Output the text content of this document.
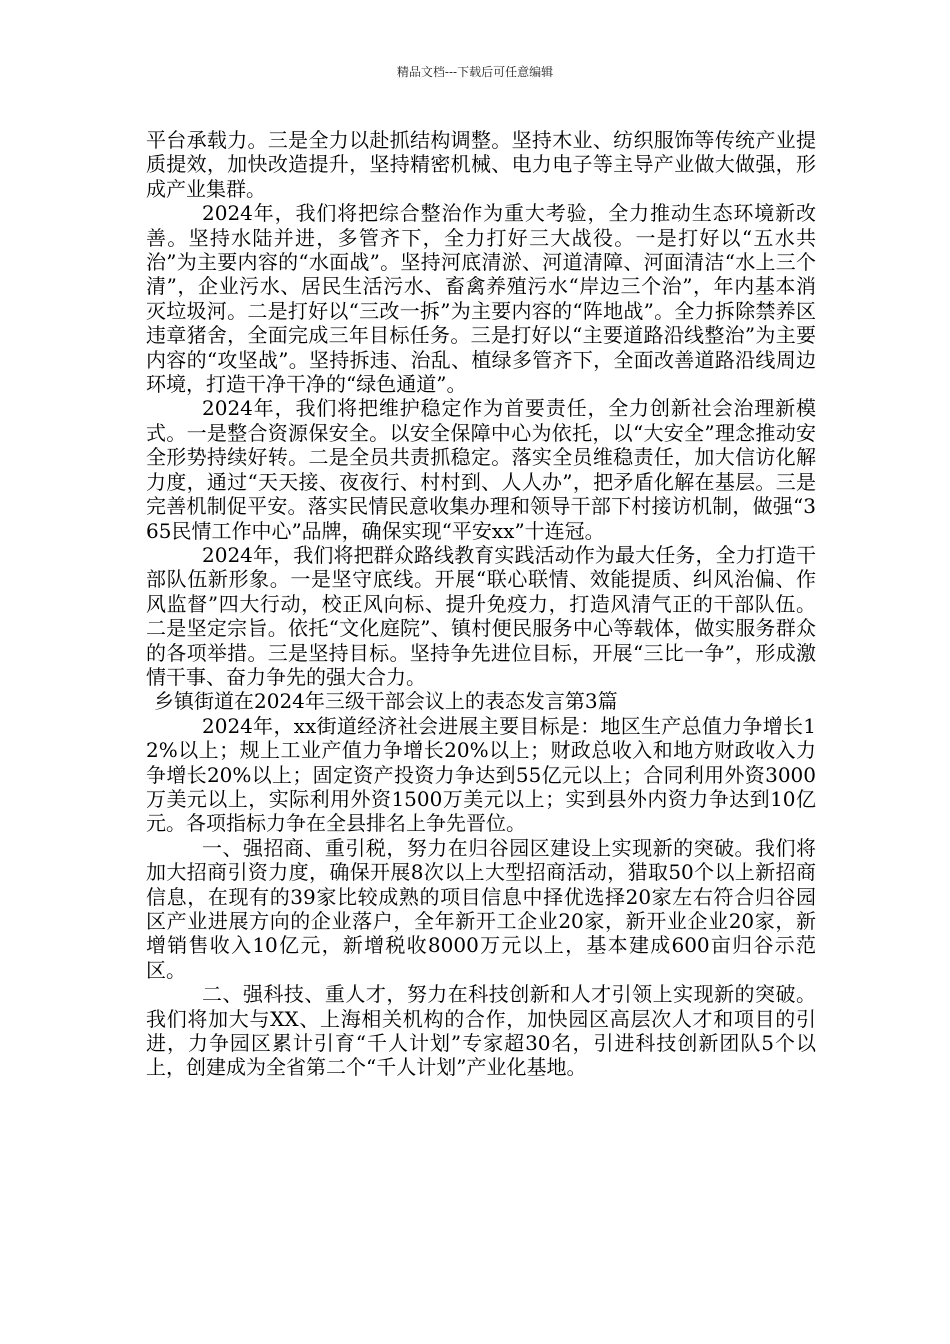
精品文档---下载后可任意编辑

平台承载力。三是全力以赴抓结构调整。坚持木业、纺织服饰等传统产业提质提效，加快改造提升，坚持精密机械、电力电子等主导产业做大做强，形成产业集群。

2024年，我们将把综合整治作为重大考验，全力推动生态环境新改善。坚持水陆并进，多管齐下，全力打好三大战役。一是打好以“五水共治”为主要内容的“水面战”。坚持河底清淤、河道清障、河面清洁“水上三个清”，企业污水、居民生活污水、畜禽养殖污水“岸边三个治”，年内基本消灭垃圾河。二是打好以“三改一拆”为主要内容的“阵地战”。全力拆除禁养区违章猪舍，全面完成三年目标任务。三是打好以“主要道路沿线整治”为主要内容的“攻坚战”。坚持拆违、治乱、植绿多管齐下，全面改善道路沿线周边环境，打造干净干净的“绿色通道”。

2024年，我们将把维护稳定作为首要责任，全力创新社会治理新模式。一是整合资源保安全。以安全保障中心为依托，以“大安全”理念推动安全形势持续好转。二是全员共责抓稳定。落实全员维稳责任，加大信访化解力度，通过“天天接、夜夜行、村村到、人人办”，把矛盾化解在基层。三是完善机制促平安。落实民情民意收集办理和领导干部下村接访机制，做强“365民情工作中心”品牌，确保实现“平安xx”十连冠。

2024年，我们将把群众路线教育实践活动作为最大任务，全力打造干部队伍新形象。一是坚守底线。开展“联心联情、效能提质、纠风治偏、作风监督”四大行动，校正风向标、提升免疫力，打造风清气正的干部队伍。二是坚定宗旨。依托“文化庭院”、镇村便民服务中心等载体，做实服务群众的各项举措。三是坚持目标。坚持争先进位目标，开展“三比一争”，形成激情干事、奋力争先的强大合力。

乡镇街道在2024年三级干部会议上的表态发言第3篇

2024年，xx街道经济社会进展主要目标是：地区生产总值力争增长12%以上；规上工业产值力争增长20%以上；财政总收入和地方财政收入力争增长20%以上；固定资产投资力争达到55亿元以上；合同利用外资3000万美元以上，实际利用外资1500万美元以上；实到县外内资力争达到10亿元。各项指标力争在全县排名上争先晋位。

一、强招商、重引税，努力在归谷园区建设上实现新的突破。我们将加大招商引资力度，确保开展8次以上大型招商活动，猎取50个以上新招商信息，在现有的39家比较成熟的项目信息中择优选择20家左右符合归谷园区产业进展方向的企业落户，全年新开工企业20家，新开业企业20家，新增销售收入10亿元，新增税收8000万元以上，基本建成600亩归谷示范区。

二、强科技、重人才，努力在科技创新和人才引领上实现新的突破。我们将加大与XX、上海相关机构的合作，加快园区高层次人才和项目的引进，力争园区累计引育“千人计划”专家超30名，引进科技创新团队5个以上，创建成为全省第二个“千人计划”产业化基地。
